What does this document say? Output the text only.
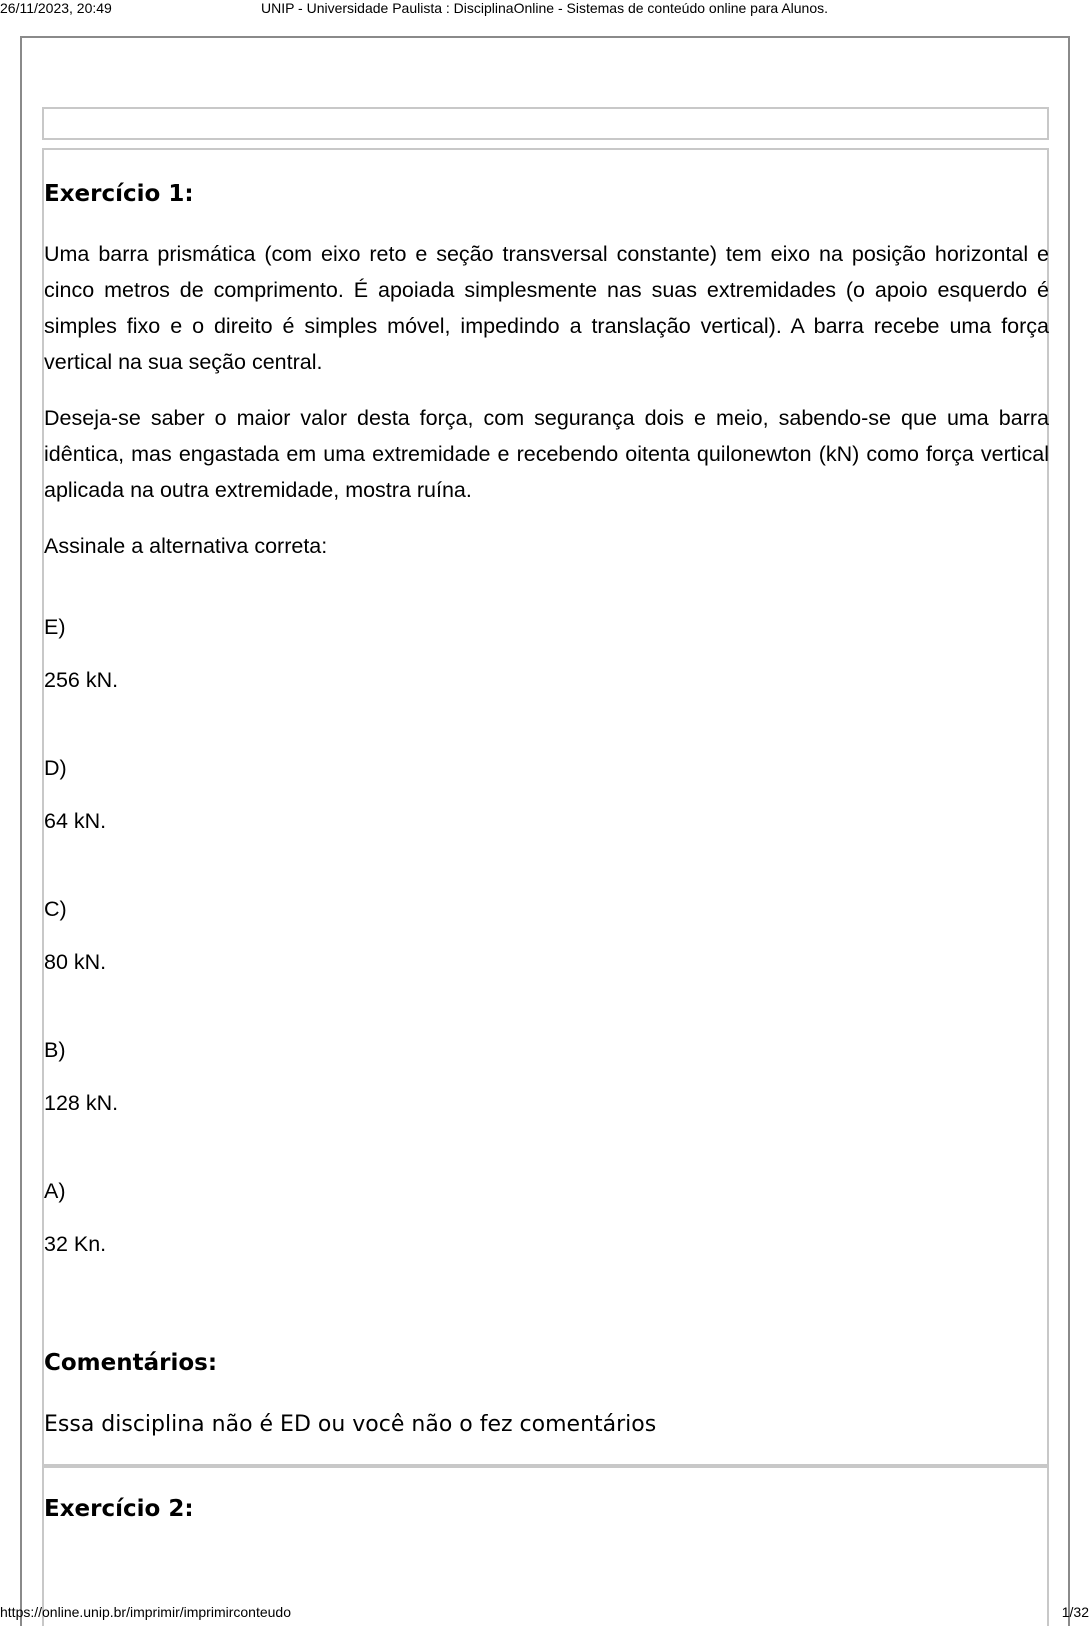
UNIP - Universidade Paulista : DisciplinaOnline - Sistemas de conteúdo online para Alunos.
26/11/2023, 20:49
Exercício 1:
Uma barra prismática (com eixo reto e seção transversal constante) tem eixo na posição horizontal e cinco metros de comprimento. É apoiada simplesmente nas suas extremidades (o apoio esquerdo é simples fixo e o direito é simples móvel, impedindo a translação vertical). A barra recebe uma força vertical na sua seção central.
Deseja-se saber o maior valor desta força, com segurança dois e meio, sabendo-se que uma barra idêntica, mas engastada em uma extremidade e recebendo oitenta quilonewton (kN) como força vertical aplicada na outra extremidade, mostra ruína.
Assinale a alternativa correta:
E)
256 kN.
D)
64 kN.
C)
80 kN.
B)
128 kN.
A)
32 Kn.
Comentários:
Essa disciplina não é ED ou você não o fez comentários
Exercício 2:
https://online.unip.br/imprimir/imprimirconteudo	1/32
